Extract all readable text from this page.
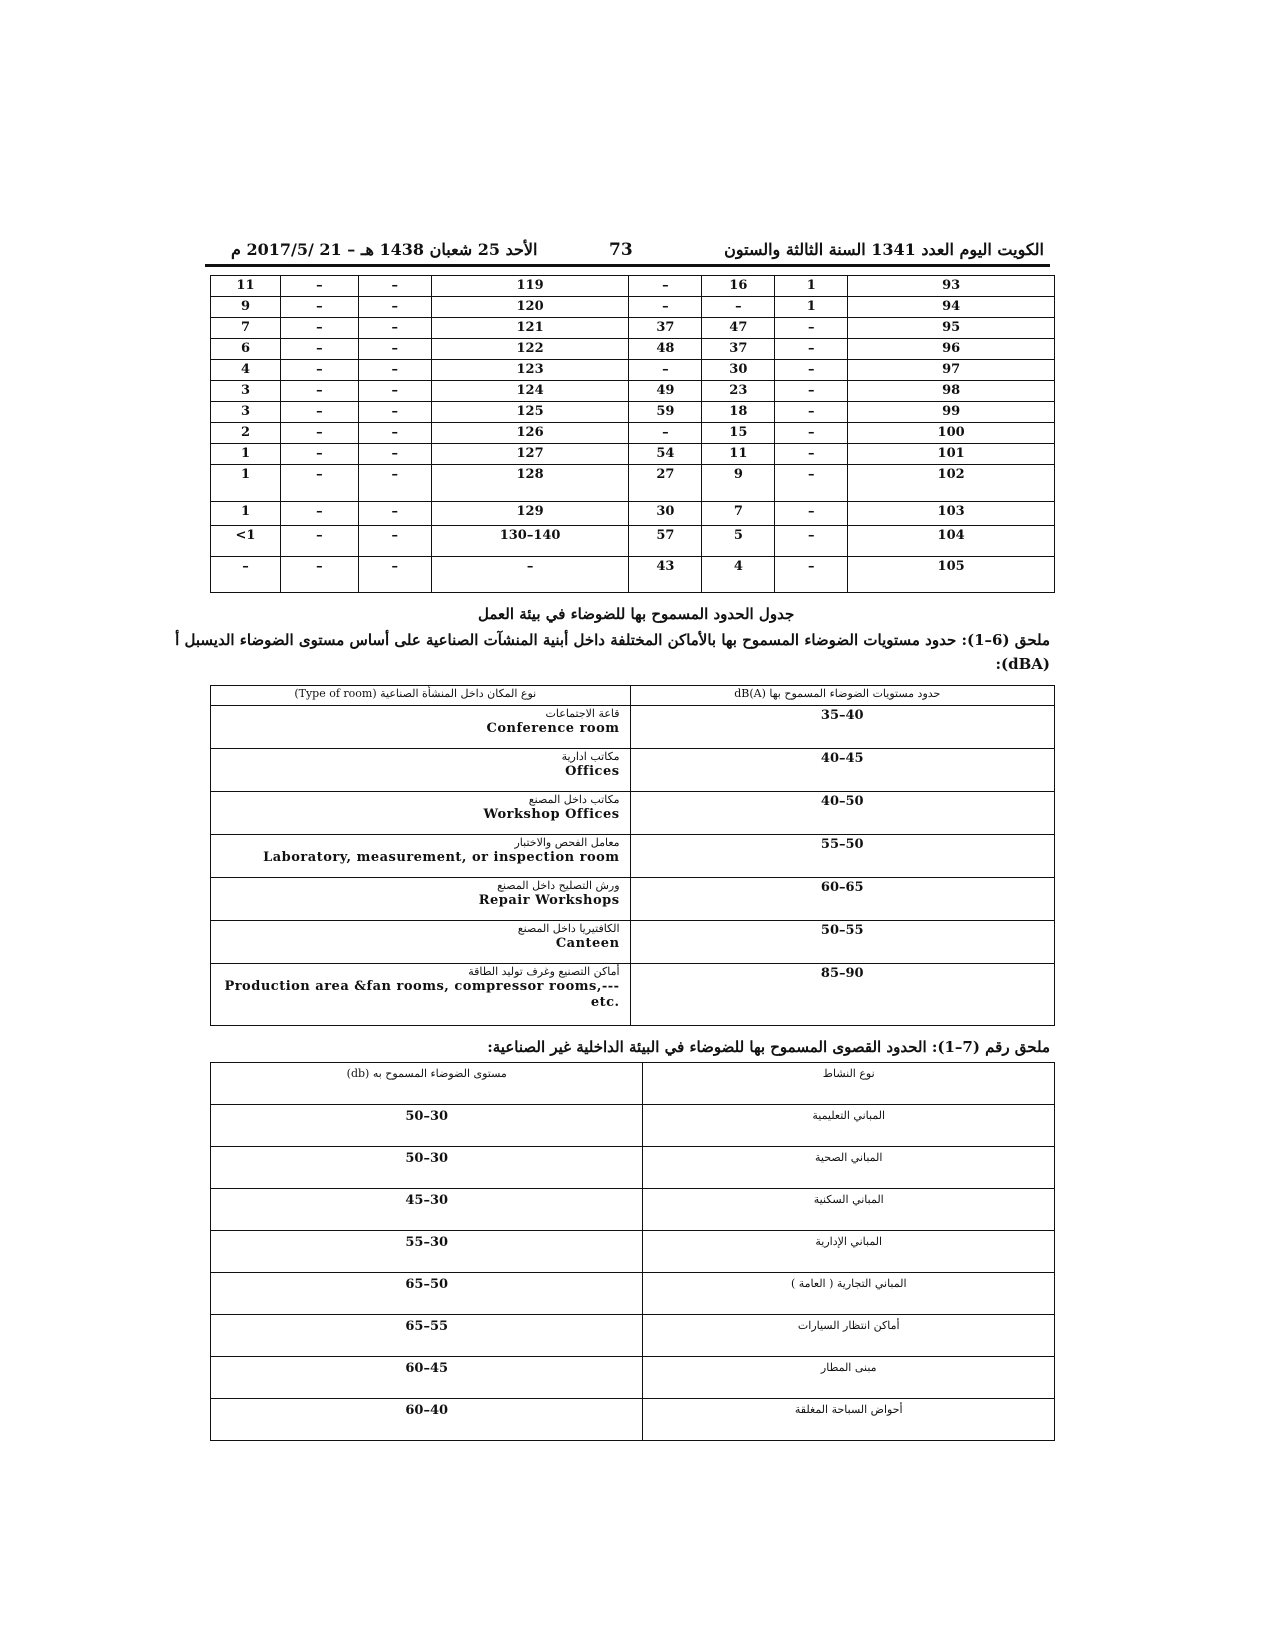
الكويت اليوم العدد 1341 السنة الثالثة والستون
73
الأحد 25 شعبان 1438 هـ – 21 /2017/5 م
11	–	–	119	–	16	1	93
9	–	–	120	–	–	1	94
7	–	–	121	37	47	–	95
6	–	–	122	48	37	–	96
4	–	–	123	–	30	–	97
3	–	–	124	49	23	–	98
3	–	–	125	59	18	–	99
2	–	–	126	–	15	–	100
1	–	–	127	54	11	–	101
1	–	–	128	27	9	–	102
1	–	–	129	30	7	–	103
<1	–	–	130–140	57	5	–	104
–	–	–	–	43	4	–	105
جدول الحدود المسموح بها للضوضاء في بيئة العمل
ملحق (6–1): حدود مستويات الضوضاء المسموح بها بالأماكن المختلفة داخل أبنية المنشآت الصناعية على أساس مستوى الضوضاء الديسبل أ
:(dBA)
نوع المكان داخل المنشأة الصناعية (Type of room)	حدود مستويات الضوضاء المسموح بها (dB(A

قاعة الاجتماعات
Conference room	35–40

مكاتب ادارية
Offices	40–45

مكاتب داخل المصنع
Workshop Offices	40–50

معامل الفحص والاختبار
Laboratory, measurement, or inspection room	55–50

ورش التصليح داخل المصنع
Repair Workshops	60–65

الكافتيريا داخل المصنع
Canteen	50–55

أماكن التصنيع وغرف توليد الطاقة
Production area &fan rooms, compressor rooms,---
etc.	85–90
ملحق رقم (7–1): الحدود القصوى المسموح بها للضوضاء في البيئة الداخلية غير الصناعية:
مستوى الضوضاء المسموح به (db)	نوع النشاط
50–30	المباني التعليمية
50–30	المباني الصحية
45–30	المباني السكنية
55–30	المباني الإدارية
65–50	المباني التجارية ( العامة )
65–55	أماكن انتظار السيارات
60–45	مبنى المطار
60–40	أحواض السباحة المغلقة
